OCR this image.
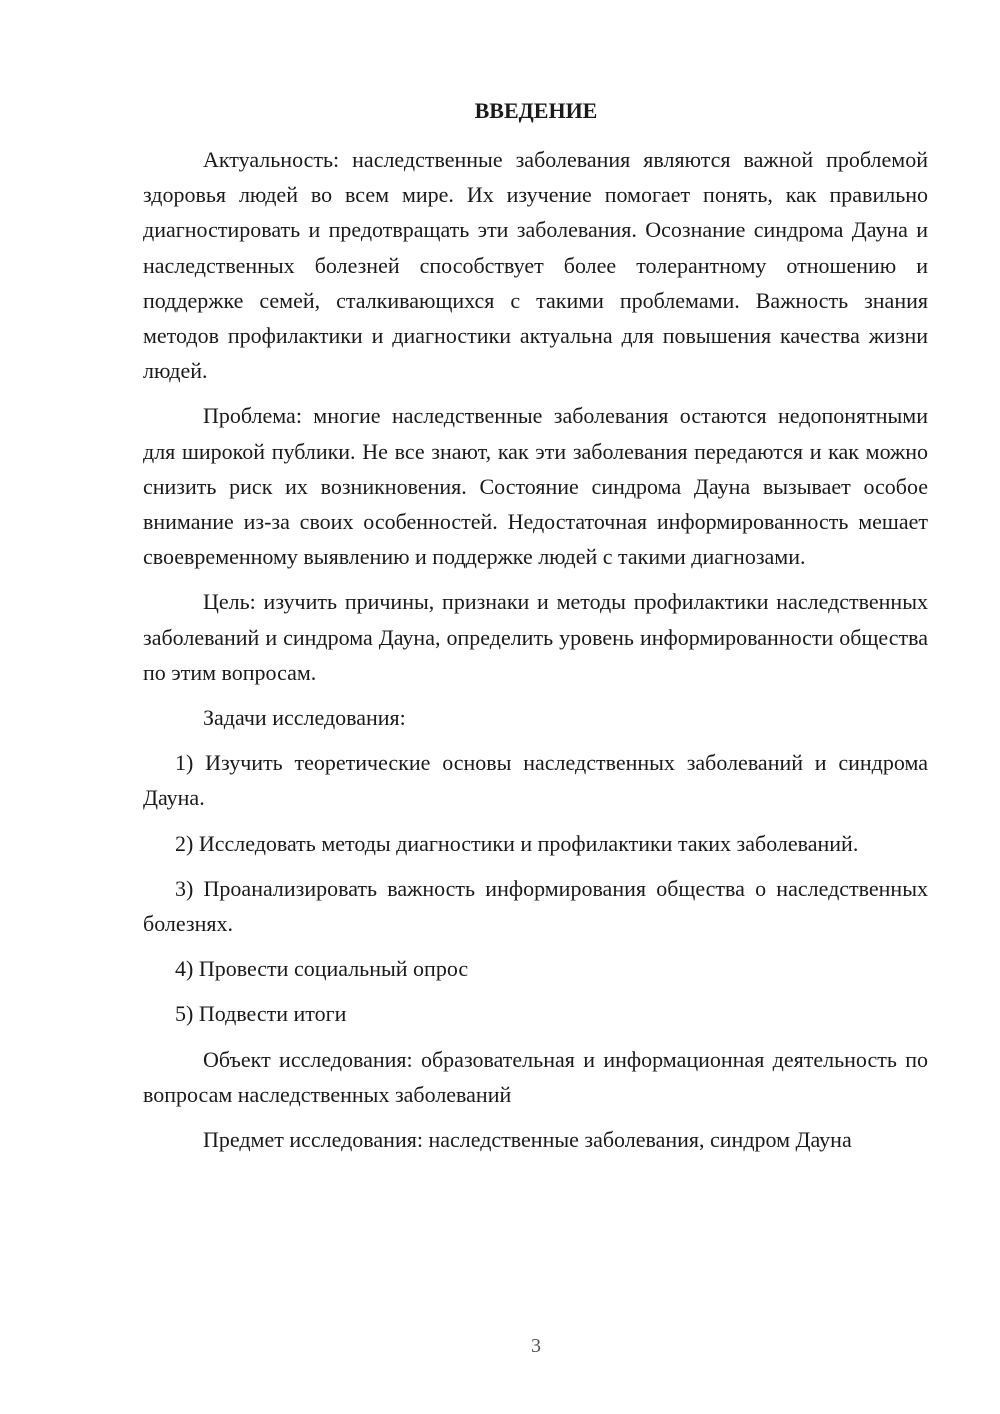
ВВЕДЕНИЕ

Актуальность: наследственные заболевания являются важной проблемой здоровья людей во всем мире. Их изучение помогает понять, как правильно диагностировать и предотвращать эти заболевания. Осознание синдрома Дауна и наследственных болезней способствует более толерантному отношению и поддержке семей, сталкивающихся с такими проблемами. Важность знания методов профилактики и диагностики актуальна для повышения качества жизни людей.

Проблема: многие наследственные заболевания остаются недопонятными для широкой публики. Не все знают, как эти заболевания передаются и как можно снизить риск их возникновения. Состояние синдрома Дауна вызывает особое внимание из-за своих особенностей. Недостаточная информированность мешает своевременному выявлению и поддержке людей с такими диагнозами.

Цель: изучить причины, признаки и методы профилактики наследственных заболеваний и синдрома Дауна, определить уровень информированности общества по этим вопросам.

Задачи исследования:

1) Изучить теоретические основы наследственных заболеваний и синдрома Дауна.

2) Исследовать методы диагностики и профилактики таких заболеваний.

3) Проанализировать важность информирования общества о наследственных болезнях.

4) Провести социальный опрос

5) Подвести итоги

Объект исследования: образовательная и информационная деятельность по вопросам наследственных заболеваний

Предмет исследования: наследственные заболевания, синдром Дауна

3
